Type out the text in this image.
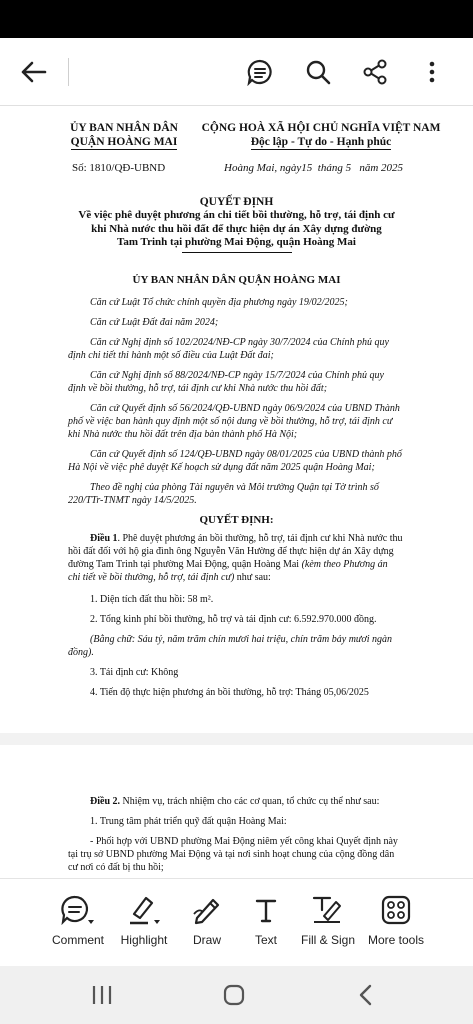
ỦY BAN NHÂN DÂN
QUẬN HOÀNG MAI
CỘNG HOÀ XÃ HỘI CHỦ NGHĨA VIỆT NAM
Độc lập - Tự do - Hạnh phúc
Số: 1810/QĐ-UBND	Hoàng Mai, ngày15 tháng 5 năm 2025
QUYẾT ĐỊNH
Về việc phê duyệt phương án chi tiết bồi thường, hỗ trợ, tái định cư
khi Nhà nước thu hồi đất để thực hiện dự án Xây dựng đường
Tam Trinh tại phường Mai Động, quận Hoàng Mai
ỦY BAN NHÂN DÂN QUẬN HOÀNG MAI
Căn cứ Luật Tổ chức chính quyền địa phương ngày 19/02/2025;
Căn cứ Luật Đất đai năm 2024;
Căn cứ Nghị định số 102/2024/NĐ-CP ngày 30/7/2024 của Chính phủ quy
định chi tiết thi hành một số điều của Luật Đất đai;
Căn cứ Nghị định số 88/2024/NĐ-CP ngày 15/7/2024 của Chính phủ quy
định về bồi thường, hỗ trợ, tái định cư khi Nhà nước thu hồi đất;
Căn cứ Quyết định số 56/2024/QĐ-UBND ngày 06/9/2024 của UBND Thành
phố về việc ban hành quy định một số nội dung về bồi thường, hỗ trợ, tái định cư
khi Nhà nước thu hồi đất trên địa bàn thành phố Hà Nội;
Căn cứ Quyết định số 124/QĐ-UBND ngày 08/01/2025 của UBND thành phố
Hà Nội về việc phê duyệt Kế hoạch sử dụng đất năm 2025 quận Hoàng Mai;
Theo đề nghị của phòng Tài nguyên và Môi trường Quận tại Tờ trình số
220/TTr-TNMT ngày 14/5/2025.
QUYẾT ĐỊNH:
Điều 1. Phê duyệt phương án bồi thường, hỗ trợ, tái định cư khi Nhà nước thu
hồi đất đối với hộ gia đình ông Nguyễn Văn Hường để thực hiện dự án Xây dựng
đường Tam Trinh tại phường Mai Động, quận Hoàng Mai (kèm theo Phương án
chi tiết về bồi thường, hỗ trợ, tái định cư) như sau:
1. Diện tích đất thu hồi: 58 m².
2. Tổng kinh phí bồi thường, hỗ trợ và tái định cư: 6.592.970.000 đồng.
(Bằng chữ: Sáu tỷ, năm trăm chín mươi hai triệu, chín trăm bảy mươi ngàn
đồng).
3. Tái định cư: Không
4. Tiến độ thực hiện phương án bồi thường, hỗ trợ: Tháng 05,06/2025
Điều 2. Nhiệm vụ, trách nhiệm cho các cơ quan, tổ chức cụ thể như sau:
1. Trung tâm phát triển quỹ đất quận Hoàng Mai:
- Phối hợp với UBND phường Mai Động niêm yết công khai Quyết định này
tại trụ sở UBND phường Mai Động và tại nơi sinh hoạt chung của cộng đồng dân
cư nơi có đất bị thu hồi;
Comment	Highlight	Draw	Text	Fill & Sign	More tools
